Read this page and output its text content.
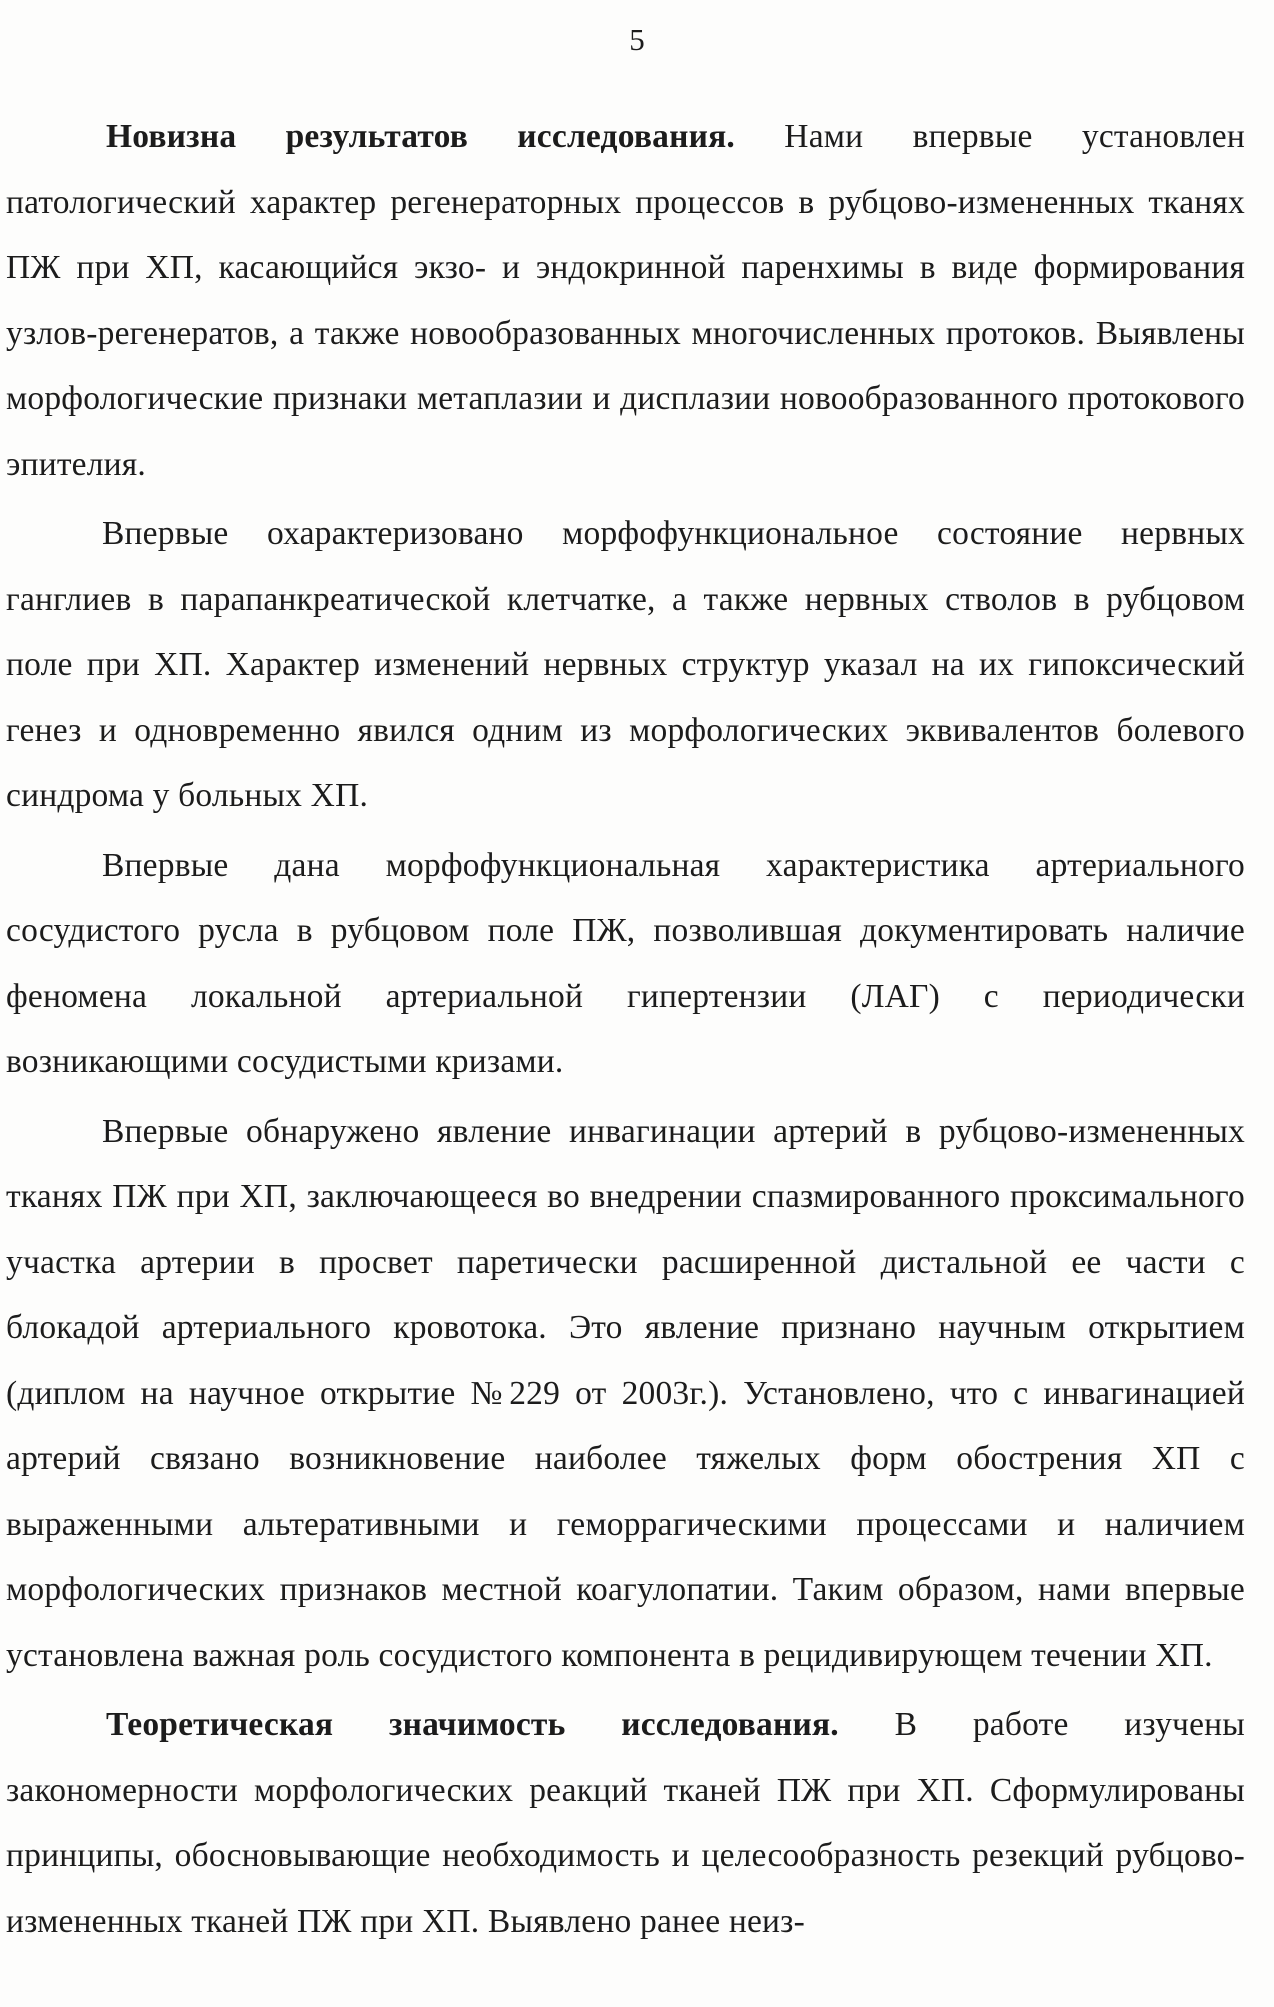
5

Новизна результатов исследования. Нами впервые установлен патологический характер регенераторных процессов в рубцово-измененных тканях ПЖ при ХП, касающийся экзо- и эндокринной паренхимы в виде формирования узлов-регенератов, а также новообразованных многочисленных протоков. Выявлены морфологические признаки метаплазии и дисплазии новообразованного протокового эпителия.

Впервые охарактеризовано морфофункциональное состояние нервных ганглиев в парапанкреатической клетчатке, а также нервных стволов в рубцовом поле при ХП. Характер изменений нервных структур указал на их гипоксический генез и одновременно явился одним из морфологических эквивалентов болевого синдрома у больных ХП.

Впервые дана морфофункциональная характеристика артериального сосудистого русла в рубцовом поле ПЖ, позволившая документировать наличие феномена локальной артериальной гипертензии (ЛАГ) с периодически возникающими сосудистыми кризами.

Впервые обнаружено явление инвагинации артерий в рубцово-измененных тканях ПЖ при ХП, заключающееся во внедрении спазмированного проксимального участка артерии в просвет паретически расширенной дистальной ее части с блокадой артериального кровотока. Это явление признано научным открытием (диплом на научное открытие №229 от 2003г.). Установлено, что с инвагинацией артерий связано возникновение наиболее тяжелых форм обострения ХП с выраженными альтеративными и геморрагическими процессами и наличием морфологических признаков местной коагулопатии. Таким образом, нами впервые установлена важная роль сосудистого компонента в рецидивирующем течении ХП.

Теоретическая значимость исследования. В работе изучены закономерности морфологических реакций тканей ПЖ при ХП. Сформулированы принципы, обосновывающие необходимость и целесообразность резекций рубцово-измененных тканей ПЖ при ХП. Выявлено ранее неиз-
